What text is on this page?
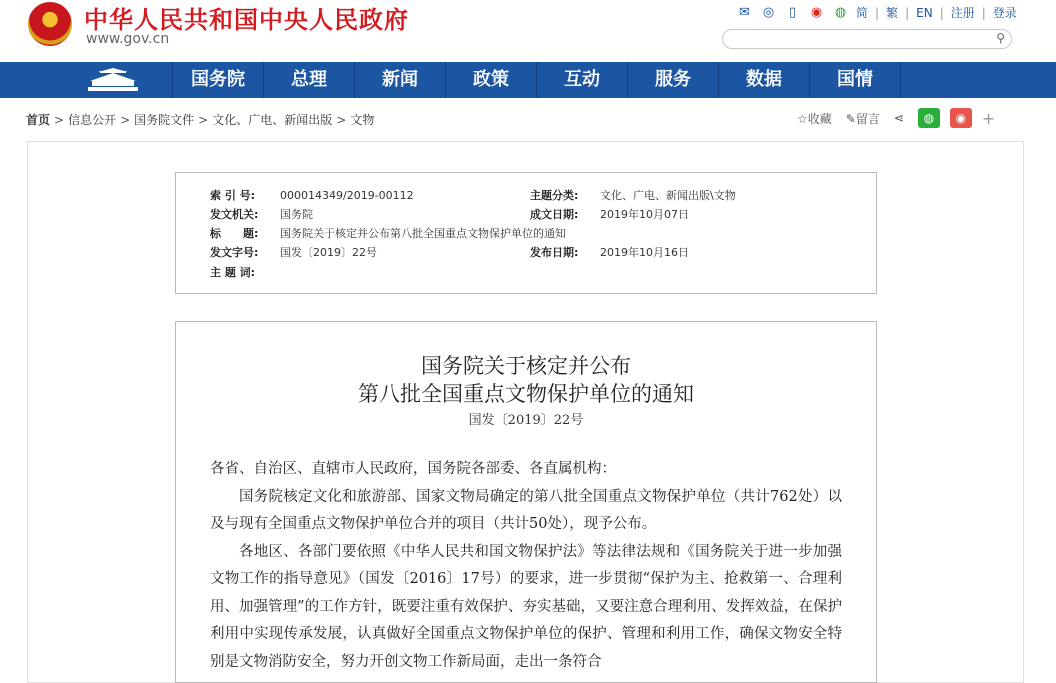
中华人民共和国中央人民政府
www.gov.cn
✉ ◎	▯	◉ ◍ 简 | 繁 | EN | 注册 | 登录
⚲
国务院	总理	新闻	政策	互动	服务	数据	国情
首页 > 信息公开 > 国务院文件 > 文化、广电、新闻出版 > 文物	☆收藏 ✎留言 ⋖	◍	◉ +
索 引 号: 000014349/2019-00112	主题分类: 文化、广电、新闻出版\文物
发文机关: 国务院	成文日期: 2019年10月07日
标　　题: 国务院关于核定并公布第八批全国重点文物保护单位的通知
发文字号: 国发〔2019〕22号	发布日期: 2019年10月16日
主 题 词:
国务院关于核定并公布
第八批全国重点文物保护单位的通知
国发〔2019〕22号

各省、自治区、直辖市人民政府，国务院各部委、各直属机构：

国务院核定文化和旅游部、国家文物局确定的第八批全国重点文物保护单位（共计762处）以及与现有全国重点文物保护单位合并的项目（共计50处），现予公布。

各地区、各部门要依照《中华人民共和国文物保护法》等法律法规和《国务院关于进一步加强文物工作的指导意见》（国发〔2016〕17号）的要求，进一步贯彻“保护为主、抢救第一、合理利用、加强管理”的工作方针，既要注重有效保护、夯实基础，又要注意合理利用、发挥效益，在保护利用中实现传承发展，认真做好全国重点文物保护单位的保护、管理和利用工作，确保文物安全特别是文物消防安全，努力开创文物工作新局面，走出一条符合
